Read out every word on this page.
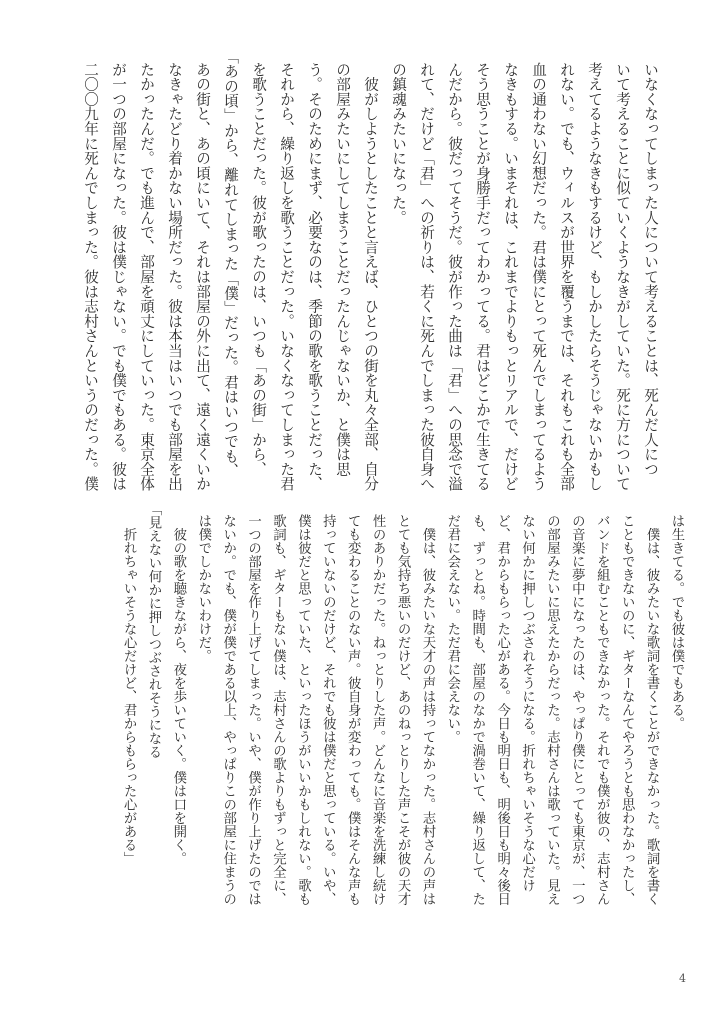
いなくなってしまった人について考えることは、死んだ人につ
いて考えることに似ていくようなきがしていた。死に方について
考えてるようなきもするけど、もしかしたらそうじゃないかもし
れない。でも、ウィルスが世界を覆うまでは、それもこれも全部
血の通わない幻想だった。君は僕にとって死んでしまってるよう
なきもする。いまそれは、これまでよりもっとリアルで、だけど
そう思うことが身勝手だってわかってる。君はどこかで生きてる
んだから。彼だってそうだ。彼が作った曲は「君」への思念で溢
れて、だけど「君」への祈りは、若くに死んでしまった彼自身へ
の鎮魂みたいになった。
　彼がしようとしたことと言えば、ひとつの街を丸々全部、自分
の部屋みたいにしてしまうことだったんじゃないか、と僕は思
う。そのためにまず、必要なのは、季節の歌を歌うことだった、
それから、繰り返しを歌うことだった。いなくなってしまった君
を歌うことだった。彼が歌ったのは、いつも「あの街」から、
「あの頃」から、離れてしまった「僕」だった。君はいつでも、
あの街と、あの頃にいて、それは部屋の外に出て、遠く遠くいか
なきゃたどり着かない場所だった。彼は本当はいつでも部屋を出
たかったんだ。でも進んで、部屋を頑丈にしていった。東京全体
が一つの部屋になった。彼は僕じゃない。でも僕でもある。彼は
二〇〇九年に死んでしまった。彼は志村さんというのだった。僕
は生きてる。でも彼は僕でもある。
　僕は、彼みたいな歌詞を書くことができなかった。歌詞を書く
こともできないのに、ギターなんてやろうとも思わなかったし、
バンドを組むこともできなかった。それでも僕が彼の、志村さん
の音楽に夢中になったのは、やっぱり僕にとっても東京が、一つ
の部屋みたいに思えたからだった。志村さんは歌っていた。見え
ない何かに押しつぶされそうになる。折れちゃいそうな心だけ
ど、君からもらった心がある。今日も明日も、明後日も明々後日
も、ずっとね。時間も、部屋のなかで渦巻いて、繰り返して、た
だ君に会えない。ただ君に会えない。
　僕は、彼みたいな天才の声は持ってなかった。志村さんの声は
とても気持ち悪いのだけど、あのねっとりした声こそが彼の天才
性のありかだった。ねっとりした声。どんなに音楽を洗練し続け
ても変わることのない声。彼自身が変わっても。僕はそんな声も
持っていないのだけど、それでも彼は僕だと思っている。いや、
僕は彼だと思っていた、といったほうがいいかもしれない。歌も
歌詞も、ギターもない僕は、志村さんの歌よりもずっと完全に、
一つの部屋を作り上げてしまった。いや、僕が作り上げたのでは
ないか。でも、僕が僕である以上、やっぱりこの部屋に住まうの
は僕でしかないわけだ。
　彼の歌を聴きながら、夜を歩いていく。僕は口を開く。
「見えない何かに押しつぶされそうになる
　折れちゃいそうな心だけど、君からもらった心がある」
4
